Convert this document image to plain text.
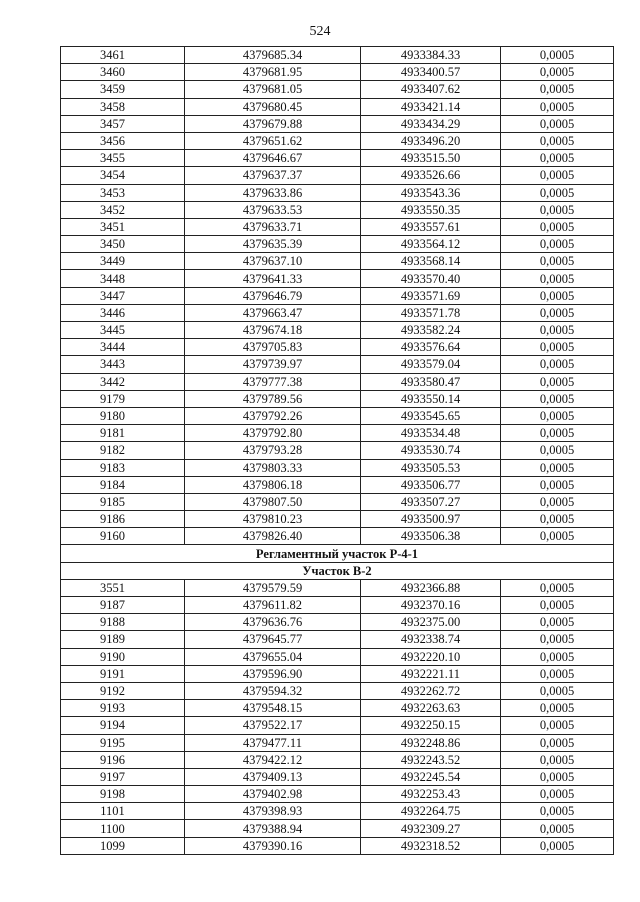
524
3461	4379685.34	4933384.33	0,0005
3460	4379681.95	4933400.57	0,0005
3459	4379681.05	4933407.62	0,0005
3458	4379680.45	4933421.14	0,0005
3457	4379679.88	4933434.29	0,0005
3456	4379651.62	4933496.20	0,0005
3455	4379646.67	4933515.50	0,0005
3454	4379637.37	4933526.66	0,0005
3453	4379633.86	4933543.36	0,0005
3452	4379633.53	4933550.35	0,0005
3451	4379633.71	4933557.61	0,0005
3450	4379635.39	4933564.12	0,0005
3449	4379637.10	4933568.14	0,0005
3448	4379641.33	4933570.40	0,0005
3447	4379646.79	4933571.69	0,0005
3446	4379663.47	4933571.78	0,0005
3445	4379674.18	4933582.24	0,0005
3444	4379705.83	4933576.64	0,0005
3443	4379739.97	4933579.04	0,0005
3442	4379777.38	4933580.47	0,0005
9179	4379789.56	4933550.14	0,0005
9180	4379792.26	4933545.65	0,0005
9181	4379792.80	4933534.48	0,0005
9182	4379793.28	4933530.74	0,0005
9183	4379803.33	4933505.53	0,0005
9184	4379806.18	4933506.77	0,0005
9185	4379807.50	4933507.27	0,0005
9186	4379810.23	4933500.97	0,0005
9160	4379826.40	4933506.38	0,0005
Регламентный участок Р-4-1			
Участок В-2			
3551	4379579.59	4932366.88	0,0005
9187	4379611.82	4932370.16	0,0005
9188	4379636.76	4932375.00	0,0005
9189	4379645.77	4932338.74	0,0005
9190	4379655.04	4932220.10	0,0005
9191	4379596.90	4932221.11	0,0005
9192	4379594.32	4932262.72	0,0005
9193	4379548.15	4932263.63	0,0005
9194	4379522.17	4932250.15	0,0005
9195	4379477.11	4932248.86	0,0005
9196	4379422.12	4932243.52	0,0005
9197	4379409.13	4932245.54	0,0005
9198	4379402.98	4932253.43	0,0005
1101	4379398.93	4932264.75	0,0005
1100	4379388.94	4932309.27	0,0005
1099	4379390.16	4932318.52	0,0005
